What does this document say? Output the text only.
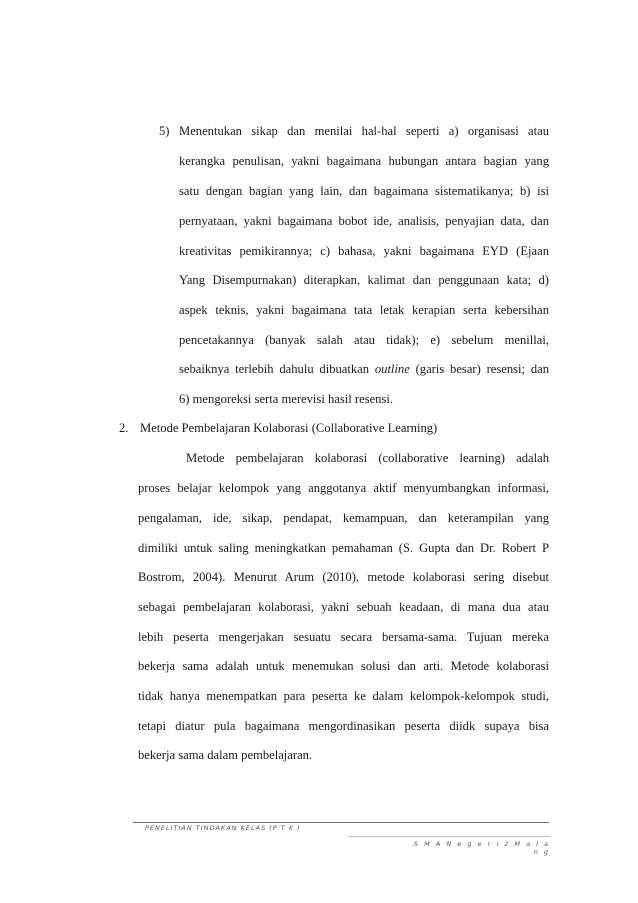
5) Menentukan sikap dan menilai hal-hal seperti a) organisasi atau
kerangka penulisan, yakni bagaimana hubungan antara bagian yang
satu dengan bagian yang lain, dan bagaimana sistematikanya; b) isi
pernyataan, yakni bagaimana bobot ide, analisis, penyajian data, dan
kreativitas pemikirannya; c) bahasa, yakni bagaimana EYD (Ejaan
Yang Disempurnakan) diterapkan, kalimat dan penggunaan kata; d)
aspek teknis, yakni bagaimana tata letak kerapian serta kebersihan
pencetakannya (banyak salah atau tidak); e) sebelum menillai,
sebaiknya terlebih dahulu dibuatkan outline (garis besar) resensi; dan
6) mengoreksi serta merevisi hasil resensi.
2. Metode Pembelajaran Kolaborasi (Collaborative Learning)
Metode pembelajaran kolaborasi (collaborative learning) adalah
proses belajar kelompok yang anggotanya aktif menyumbangkan informasi,
pengalaman, ide, sikap, pendapat, kemampuan, dan keterampilan yang
dimiliki untuk saling meningkatkan pemahaman (S. Gupta dan Dr. Robert P
Bostrom, 2004). Menurut Arum (2010), metode kolaborasi sering disebut
sebagai pembelajaran kolaborasi, yakni sebuah keadaan, di mana dua atau
lebih peserta mengerjakan sesuatu secara bersama-sama. Tujuan mereka
bekerja sama adalah untuk menemukan solusi dan arti. Metode kolaborasi
tidak hanya menempatkan para peserta ke dalam kelompok-kelompok studi,
tetapi diatur pula bagaimana mengordinasikan peserta diidk supaya bisa
bekerja sama dalam pembelajaran.
PENELITIAN TINDAKAN KELAS (P T K )
S M A N e g e r i 2 M a l a n g
